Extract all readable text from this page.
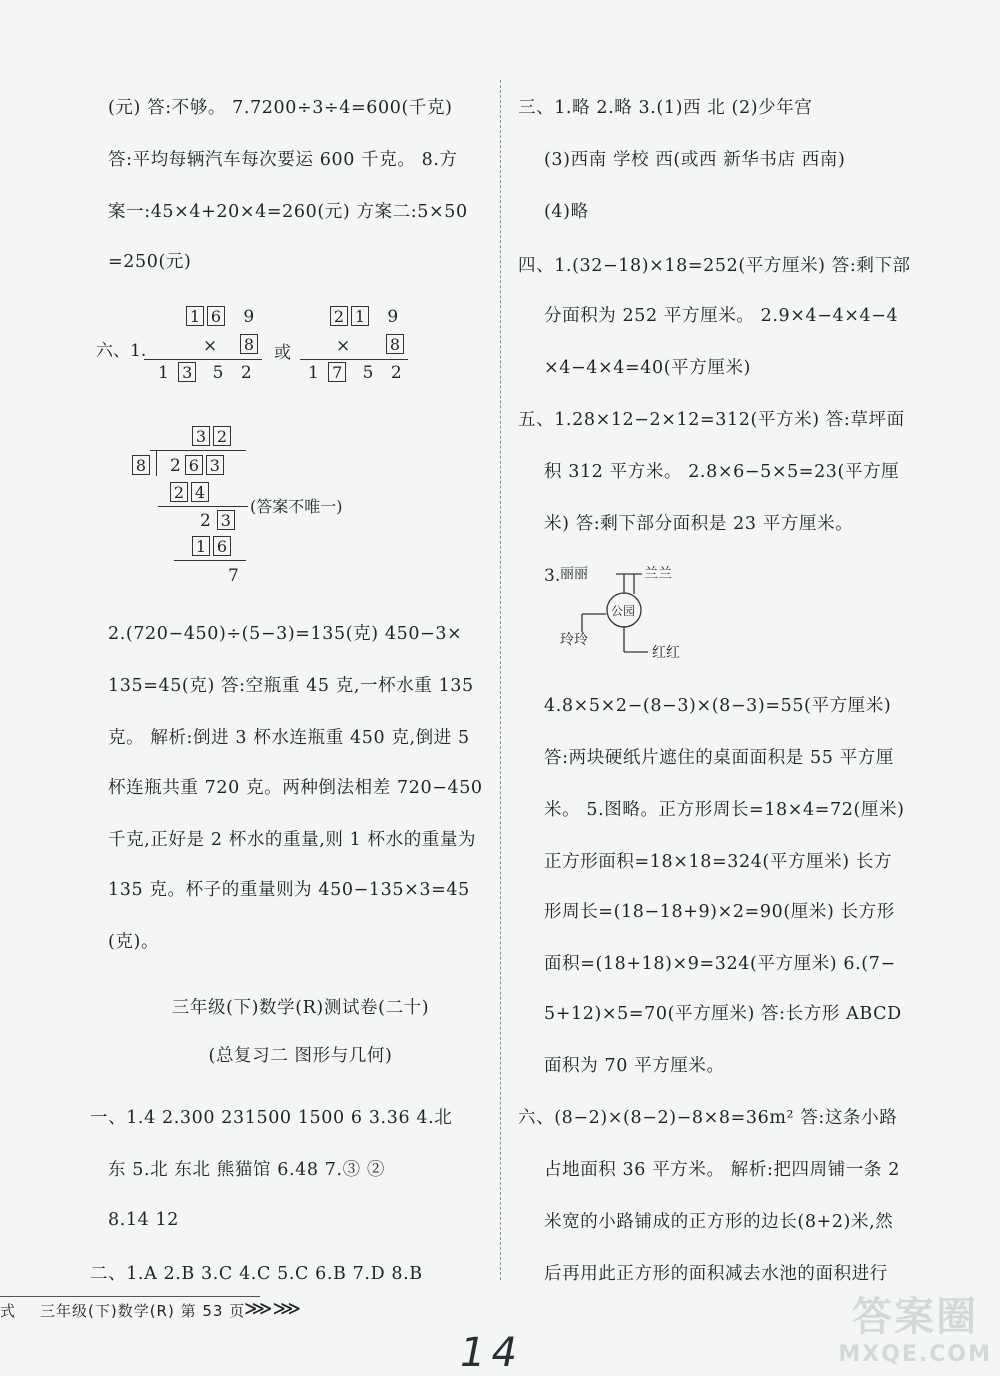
(元) 答:不够。 7.7200÷3÷4=600(千克)
答:平均每辆汽车每次要运 600 千克。 8.方
案一:45×4+20×4=260(元) 方案二:5×50
=250(元)
六、1.
1 6 9
× 8
1 3 5 2
或
2 1 9
× 8
1 7 5 2
3 2
8	2 6 3
2 4
(答案不唯一)
2 3
1 6
7
2.(720−450)÷(5−3)=135(克) 450−3×
135=45(克) 答:空瓶重 45 克,一杯水重 135
克。 解析:倒进 3 杯水连瓶重 450 克,倒进 5
杯连瓶共重 720 克。两种倒法相差 720−450
千克,正好是 2 杯水的重量,则 1 杯水的重量为
135 克。杯子的重量则为 450−135×3=45
(克)。
三年级(下)数学(R)测试卷(二十)
(总复习二 图形与几何)
一、1.4 2.300 231500 1500 6 3.36 4.北
东 5.北 东北 熊猫馆 6.48 7.③ ②
8.14 12
二、1.A 2.B 3.C 4.C 5.C 6.B 7.D 8.B
三、1.略 2.略 3.(1)西 北 (2)少年宫
(3)西南 学校 西(或西 新华书店 西南)
(4)略
四、1.(32−18)×18=252(平方厘米) 答:剩下部
分面积为 252 平方厘米。 2.9×4−4×4−4
×4−4×4=40(平方厘米)
五、1.28×12−2×12=312(平方米) 答:草坪面
积 312 平方米。 2.8×6−5×5=23(平方厘
米) 答:剩下部分面积是 23 平方厘米。
3. 丽丽	兰兰
公园
玲玲
红红
4.8×5×2−(8−3)×(8−3)=55(平方厘米)
答:两块硬纸片遮住的桌面面积是 55 平方厘
米。 5.图略。正方形周长=18×4=72(厘米)
正方形面积=18×18=324(平方厘米) 长方
形周长=(18−18+9)×2=90(厘米) 长方形
面积=(18+18)×9=324(平方厘米) 6.(7−
5+12)×5=70(平方厘米) 答:长方形 ABCD
面积为 70 平方厘米。
六、(8−2)×(8−2)−8×8=36m² 答:这条小路
占地面积 36 平方米。 解析:把四周铺一条 2
米宽的小路铺成的正方形的边长(8+2)米,然
后再用此正方形的面积减去水池的面积进行
式 三年级(下)数学(R) 第 53 页
⋙⋙
14
答案圈
MXQE.COM
